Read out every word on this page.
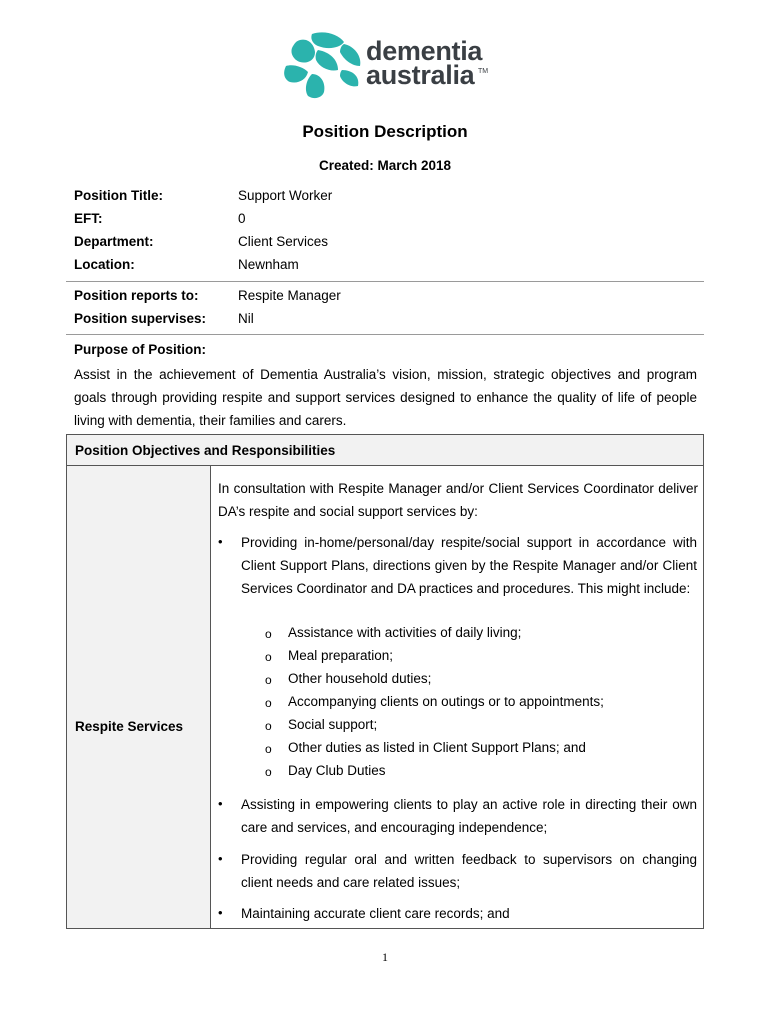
dementia
australia TM
Position Description
Created: March 2018
Position Title:	Support Worker
EFT:	0
Department:	Client Services
Location:	Newnham
Position reports to:	Respite Manager
Position supervises: Nil
Purpose of Position:
Assist in the achievement of Dementia Australia’s vision, mission, strategic objectives and program goals through providing respite and support services designed to enhance the quality of life of people living with dementia, their families and carers.
Position Objectives and Responsibilities
Respite Services
In consultation with Respite Manager and/or Client Services Coordinator deliver DA’s respite and social support services by:
• Providing in-home/personal/day respite/social support in accordance with Client Support Plans, directions given by the Respite Manager and/or Client Services Coordinator and DA practices and procedures. This might include:
o Assistance with activities of daily living;
o Meal preparation;
o Other household duties;
o Accompanying clients on outings or to appointments;
o Social support;
o Other duties as listed in Client Support Plans; and
o Day Club Duties
• Assisting in empowering clients to play an active role in directing their own care and services, and encouraging independence;
• Providing regular oral and written feedback to supervisors on changing client needs and care related issues;
• Maintaining accurate client care records; and
1
